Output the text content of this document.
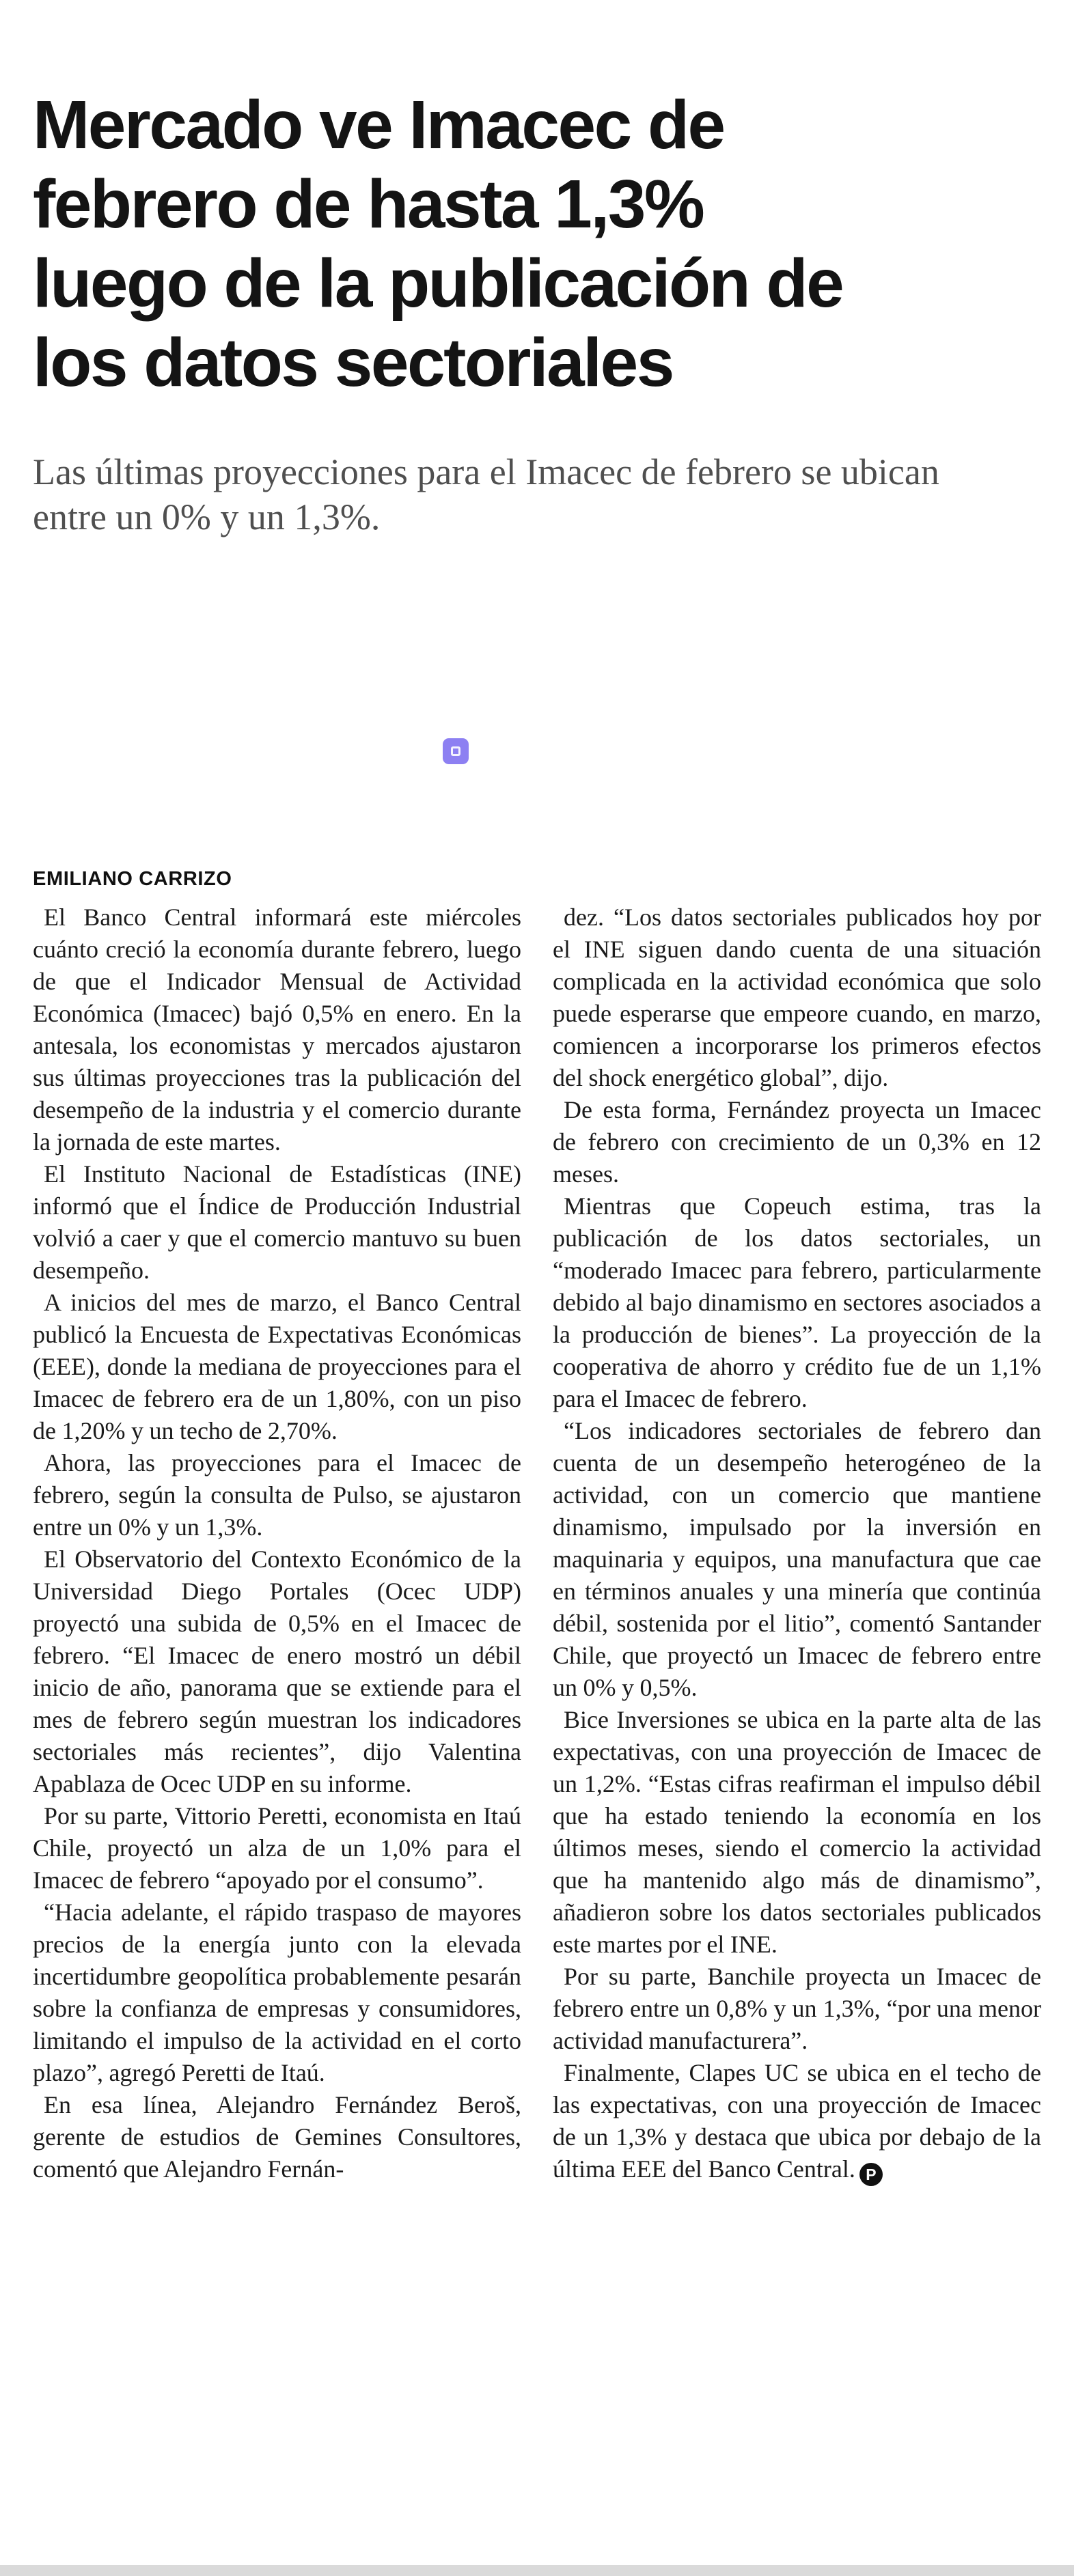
Mercado ve Imacec de
febrero de hasta 1,3%
luego de la publicación de
los datos sectoriales
Las últimas proyecciones para el Imacec de febrero se ubican entre un 0% y un 1,3%.
EMILIANO CARRIZO

El Banco Central informará este miércoles cuánto creció la economía durante febrero, luego de que el Indicador Mensual de Actividad Económica (Imacec) bajó 0,5% en enero. En la antesala, los economistas y mercados ajustaron sus últimas proyecciones tras la publicación del desempeño de la industria y el comercio durante la jornada de este martes.

El Instituto Nacional de Estadísticas (INE) informó que el Índice de Producción Industrial volvió a caer y que el comercio mantuvo su buen desempeño.

A inicios del mes de marzo, el Banco Central publicó la Encuesta de Expectativas Económicas (EEE), donde la mediana de proyecciones para el Imacec de febrero era de un 1,80%, con un piso de 1,20% y un techo de 2,70%.

Ahora, las proyecciones para el Imacec de febrero, según la consulta de Pulso, se ajustaron entre un 0% y un 1,3%.

El Observatorio del Contexto Económico de la Universidad Diego Portales (Ocec UDP) proyectó una subida de 0,5% en el Imacec de febrero. “El Imacec de enero mostró un débil inicio de año, panorama que se extiende para el mes de febrero según muestran los indicadores sectoriales más recientes”, dijo Valentina Apablaza de Ocec UDP en su informe.

Por su parte, Vittorio Peretti, economista en Itaú Chile, proyectó un alza de un 1,0% para el Imacec de febrero “apoyado por el consumo”.

“Hacia adelante, el rápido traspaso de mayores precios de la energía junto con la elevada incertidumbre geopolítica probablemente pesarán sobre la confianza de empresas y consumidores, limitando el impulso de la actividad en el corto plazo”, agregó Peretti de Itaú.

En esa línea, Alejandro Fernández Beroš, gerente de estudios de Gemines Consultores, comentó que Alejandro Fernán-

dez. “Los datos sectoriales publicados hoy por el INE siguen dando cuenta de una situación complicada en la actividad económica que solo puede esperarse que empeore cuando, en marzo, comiencen a incorporarse los primeros efectos del shock energético global”, dijo.

De esta forma, Fernández proyecta un Imacec de febrero con crecimiento de un 0,3% en 12 meses.

Mientras que Copeuch estima, tras la publicación de los datos sectoriales, un “moderado Imacec para febrero, particularmente debido al bajo dinamismo en sectores asociados a la producción de bienes”. La proyección de la cooperativa de ahorro y crédito fue de un 1,1% para el Imacec de febrero.

“Los indicadores sectoriales de febrero dan cuenta de un desempeño heterogéneo de la actividad, con un comercio que mantiene dinamismo, impulsado por la inversión en maquinaria y equipos, una manufactura que cae en términos anuales y una minería que continúa débil, sostenida por el litio”, comentó Santander Chile, que proyectó un Imacec de febrero entre un 0% y 0,5%.

Bice Inversiones se ubica en la parte alta de las expectativas, con una proyección de Imacec de un 1,2%. “Estas cifras reafirman el impulso débil que ha estado teniendo la economía en los últimos meses, siendo el comercio la actividad que ha mantenido algo más de dinamismo”, añadieron sobre los datos sectoriales publicados este martes por el INE.

Por su parte, Banchile proyecta un Imacec de febrero entre un 0,8% y un 1,3%, “por una menor actividad manufacturera”.

Finalmente, Clapes UC se ubica en el techo de las expectativas, con una proyección de Imacec de un 1,3% y destaca que ubica por debajo de la última EEE del Banco Central. P
